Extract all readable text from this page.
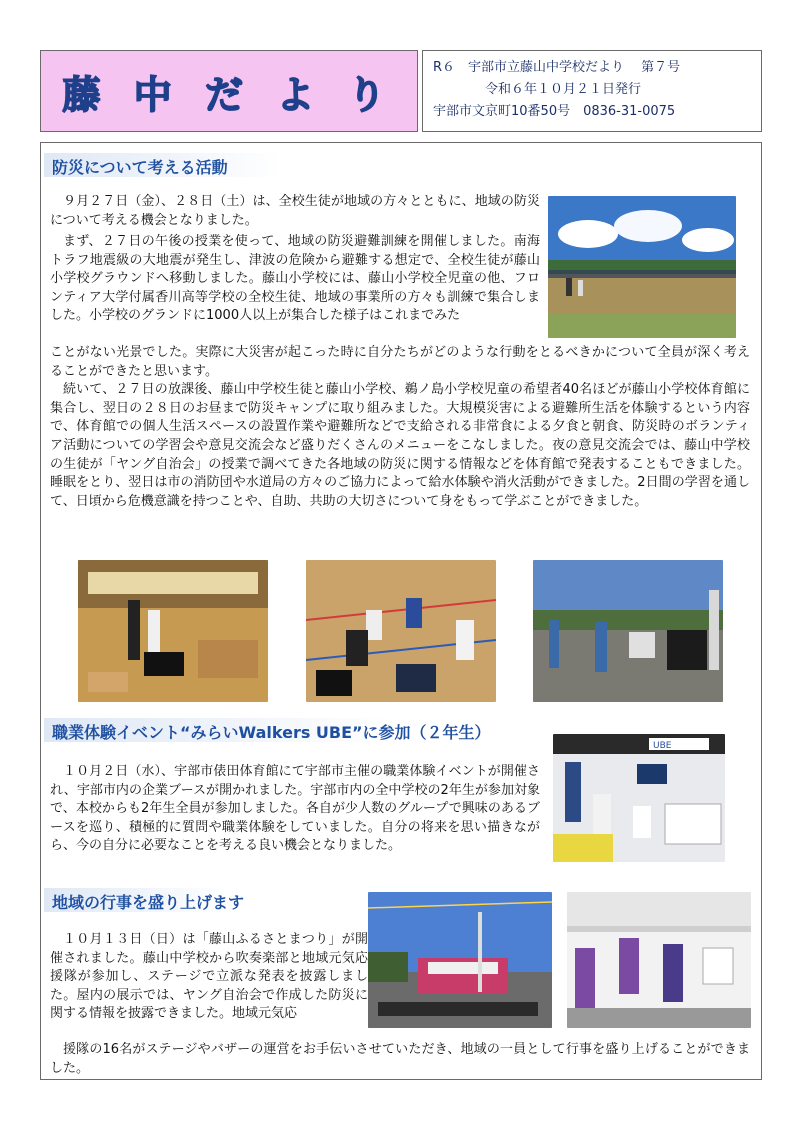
藤 中 だ よ り
R６　宇部市立藤山中学校だより　 第７号
令和６年１０月２１日発行
宇部市文京町10番50号　0836-31-0075
防災について考える活動

９月２７日（金）、２８日（土）は、全校生徒が地域の方々とともに、地域の防災について考える機会となりました。

まず、２７日の午後の授業を使って、地域の防災避難訓練を開催しました。南海トラフ地震級の大地震が発生し、津波の危険から避難する想定で、全校生徒が藤山小学校グラウンドへ移動しました。藤山小学校には、藤山小学校全児童の他、フロンティア大学付属香川高等学校の全校生徒、地域の事業所の方々も訓練で集合しました。小学校のグランドに1000人以上が集合した様子はこれまでみた

ことがない光景でした。実際に大災害が起こった時に自分たちがどのような行動をとるべきかについて全員が深く考えることができたと思います。

続いて、２７日の放課後、藤山中学校生徒と藤山小学校、鵜ノ島小学校児童の希望者40名ほどが藤山小学校体育館に集合し、翌日の２８日のお昼まで防災キャンプに取り組みました。大規模災害による避難所生活を体験するという内容で、体育館での個人生活スペースの設置作業や避難所などで支給される非常食による夕食と朝食、防災時のボランティア活動についての学習会や意見交流会など盛りだくさんのメニューをこなしました。夜の意見交流会では、藤山中学校の生徒が「ヤング自治会」の授業で調べてきた各地域の防災に関する情報などを体育館で発表することもできました。睡眠をとり、翌日は市の消防団や水道局の方々のご協力によって給水体験や消火活動ができました。2日間の学習を通して、日頃から危機意識を持つことや、自助、共助の大切さについて身をもって学ぶことができました。

職業体験イベント“みらいWalkers UBE”に参加（２年生）

１０月２日（水）、宇部市俵田体育館にて宇部市主催の職業体験イベントが開催され、宇部市内の企業ブースが開かれました。宇部市内の全中学校の2年生が参加対象で、本校からも2年生全員が参加しました。各自が少人数のグループで興味のあるブースを巡り、積極的に質問や職業体験をしていました。自分の将来を思い描きながら、今の自分に必要なことを考える良い機会となりました。

UBE
地域の行事を盛り上げます

１０月１３日（日）は「藤山ふるさとまつり」が開催されました。藤山中学校から吹奏楽部と地域元気応援隊が参加し、ステージで立派な発表を披露しました。屋内の展示では、ヤング自治会で作成した防災に関する情報を披露できました。地域元気応

援隊の16名がステージやバザーの運営をお手伝いさせていただき、地域の一員として行事を盛り上げることができました。
